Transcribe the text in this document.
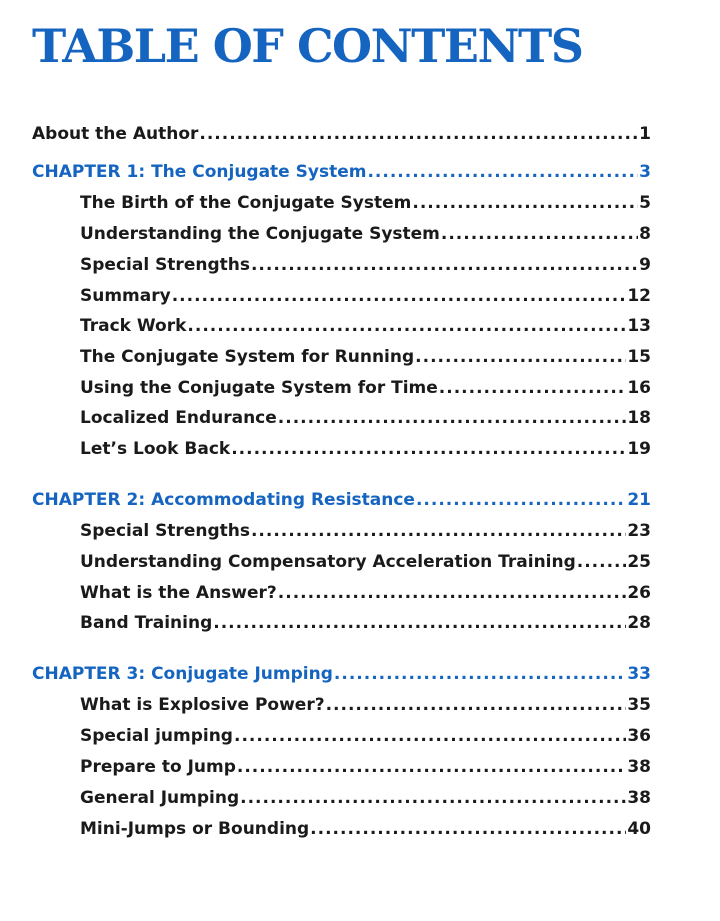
TABLE OF CONTENTS
About the Author .....	1
CHAPTER 1: The Conjugate System .....	3
The Birth of the Conjugate System .....	5
Understanding the Conjugate System .....	8
Special Strengths .....	9
Summary .....	12
Track Work .....	13
The Conjugate System for Running .....	15
Using the Conjugate System for Time .....	16
Localized Endurance .....	18
Let’s Look Back .....	19
CHAPTER 2: Accommodating Resistance .....	21
Special Strengths .....	23
Understanding Compensatory Acceleration Training .....	25
What is the Answer? .....	26
Band Training .....	28
CHAPTER 3: Conjugate Jumping .....	33
What is Explosive Power? .....	35
Special jumping .....	36
Prepare to Jump .....	38
General Jumping .....	38
Mini-Jumps or Bounding .....	40
